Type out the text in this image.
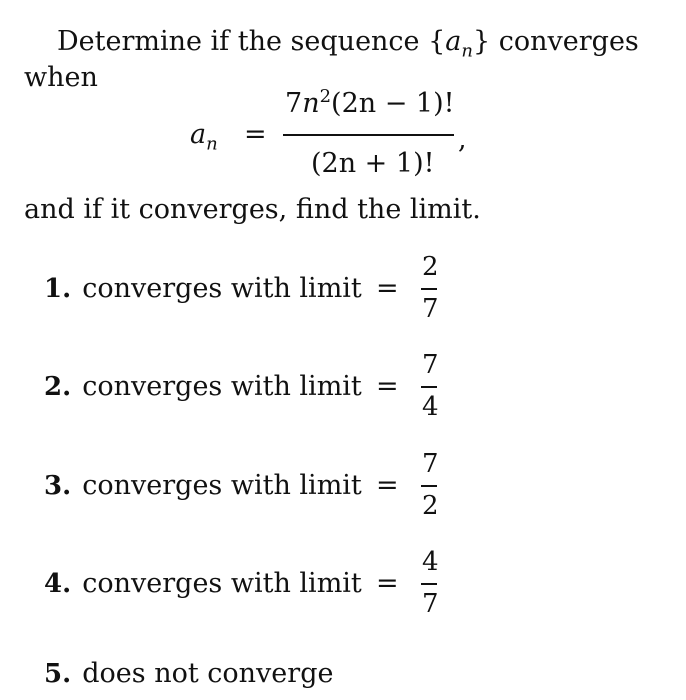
Determine if the sequence $\{a_n\}$ converges
when
$a_n$ =
$7n^2(2n - 1)$!
(2n + 1)!
,
and if it converges, find the limit.
1. converges with limit =
2
7
2. converges with limit =
7
4
3. converges with limit =
7
2
4. converges with limit =
4
7
5. does not converge
